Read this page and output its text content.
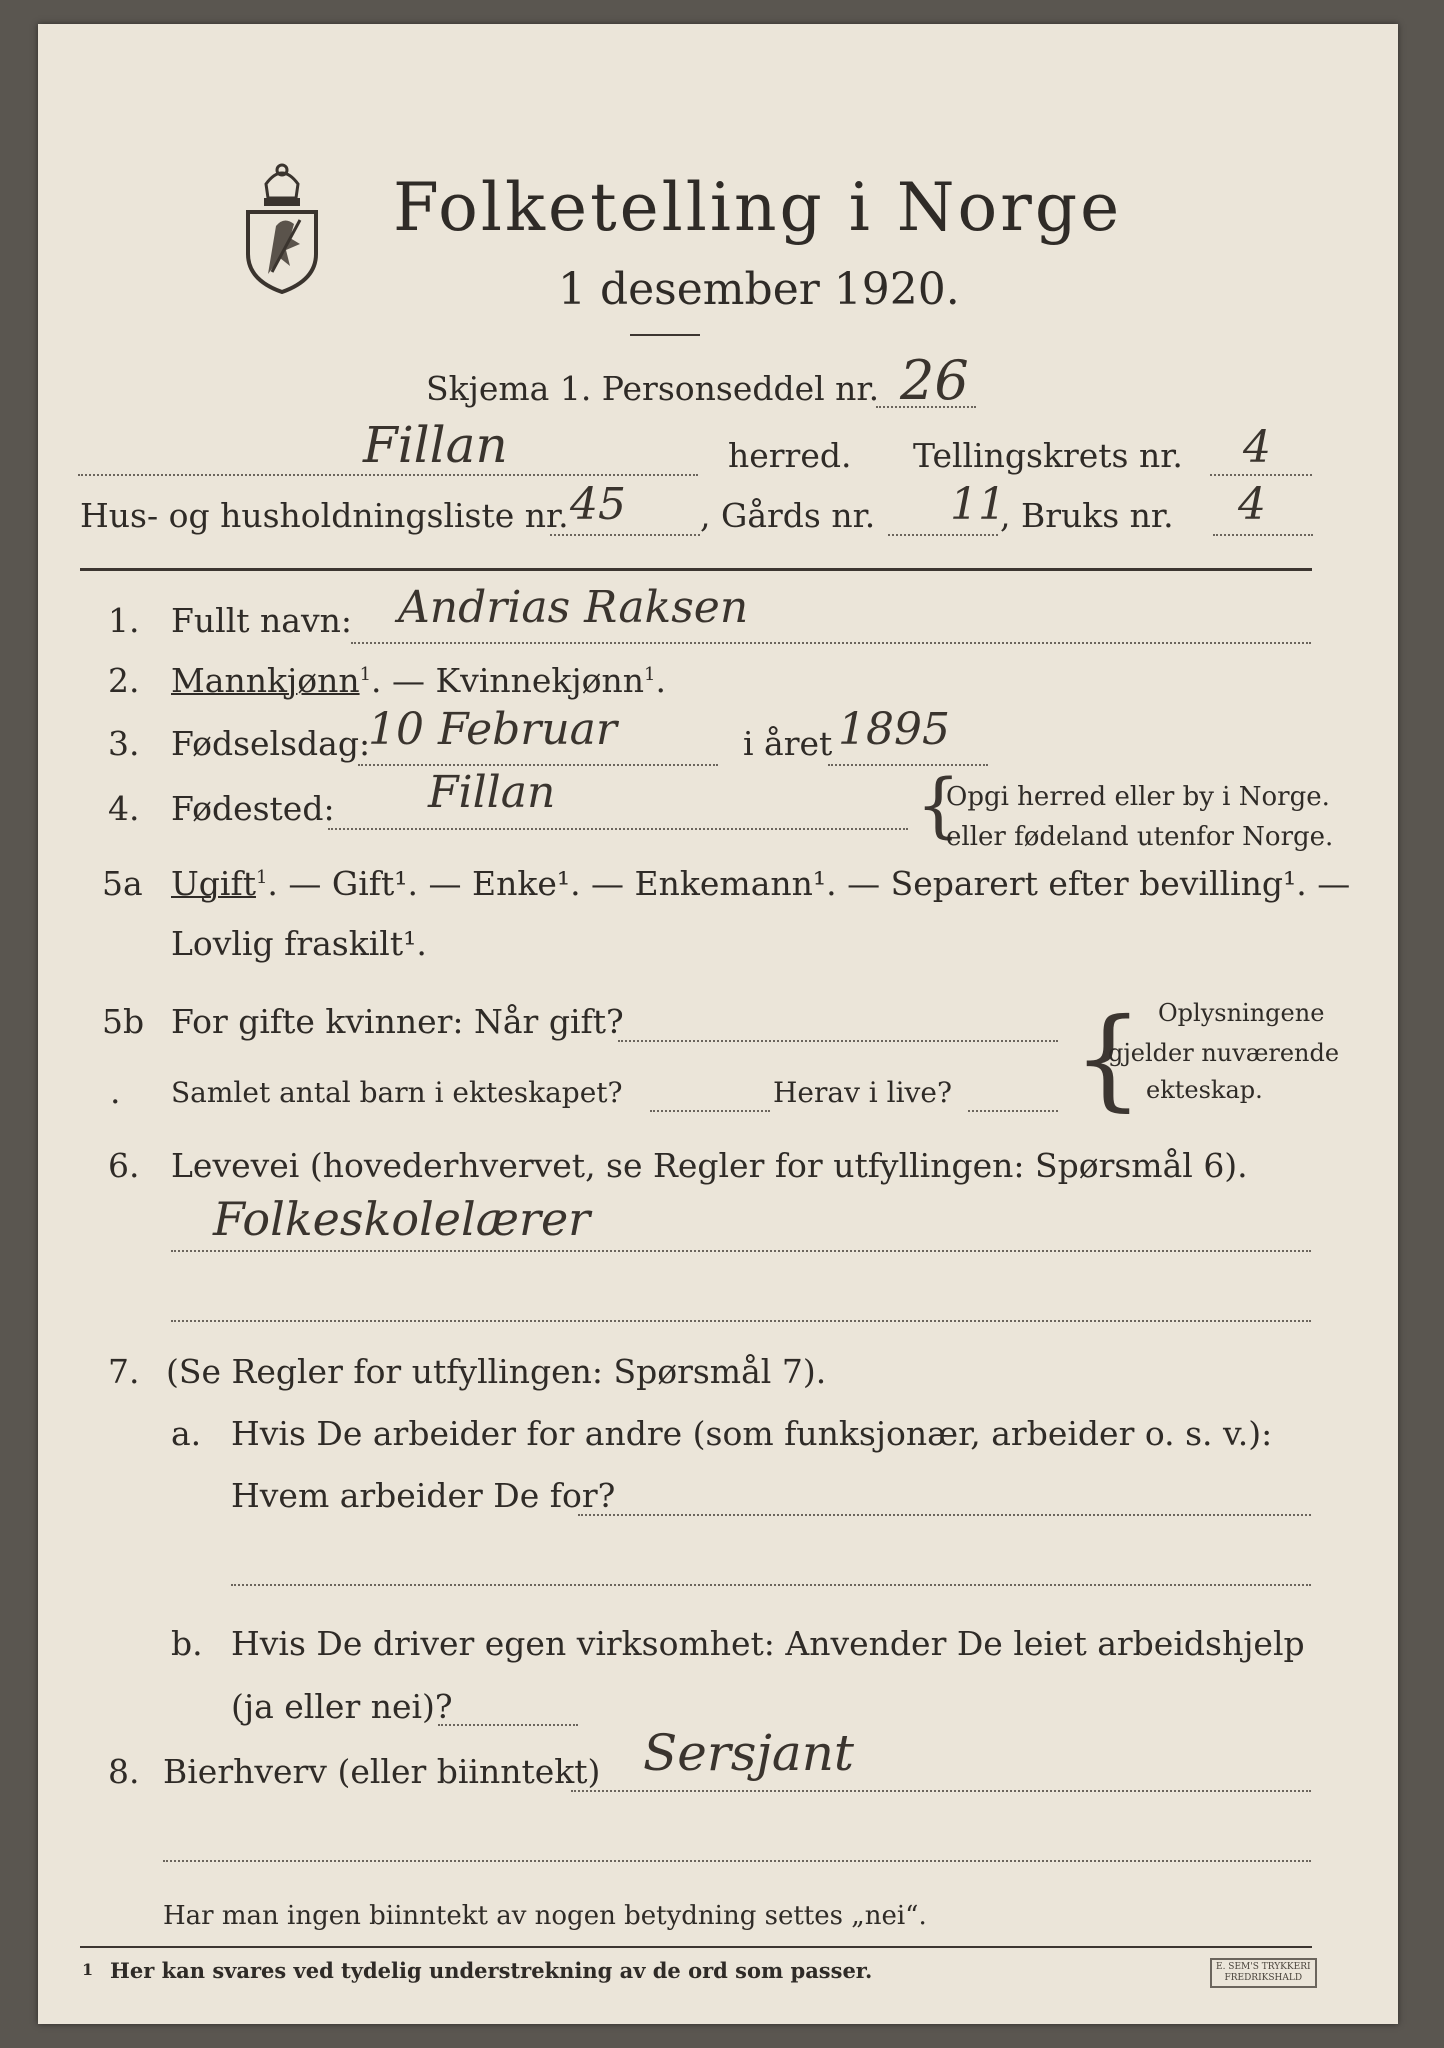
Folketelling i Norge
1 desember 1920.
Skjema 1. Personseddel nr. 26
Fillan	herred. Tellingskrets nr. 4
Hus- og husholdningsliste nr. 45 , Gårds nr. 11
, Bruks nr. 4
1. Fullt navn: Andrias Raksen
2. Mannkjønn$^1$. — Kvinnekjønn$^1$.
3. Fødselsdag:
10 Februar	i året 1895
4. Fødested: Fillan	{
Opgi herred eller by i Norge.
eller fødeland utenfor Norge.
5a Ugift$^1$. — Gift¹. — Enke¹. — Enkemann¹. — Separert efter bevilling¹. —
Lovlig fraskilt¹.
5b For gifte kvinner: Når gift?
. Samlet antal barn i ekteskapet?	Herav i live? { Oplysningene
gjelder nuværende
ekteskap.
6. Levevei (hovederhvervet, se Regler for utfyllingen: Spørsmål 6).
Folkeskolelærer
7. (Se Regler for utfyllingen: Spørsmål 7).
a. Hvis De arbeider for andre (som funksjonær, arbeider o. s. v.):
Hvem arbeider De for?
b. Hvis De driver egen virksomhet: Anvender De leiet arbeidshjelp
(ja eller nei)?
8. Bierhverv (eller biinntekt) Sersjant
Har man ingen biinntekt av nogen betydning settes „nei“.
1 Her kan svares ved tydelig understrekning av de ord som passer.	E. SEM'S TRYKKERI
FREDRIKSHALD
